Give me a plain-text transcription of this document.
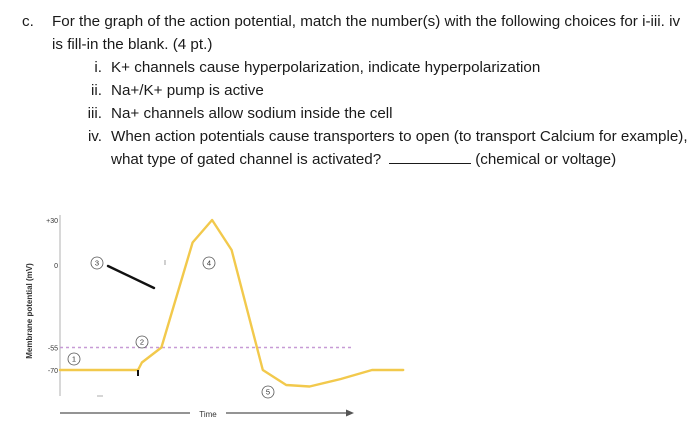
c. For the graph of the action potential, match the number(s) with the following choices for i-iii. iv is fill-in the blank. (4 pt.)
i. K+ channels cause hyperpolarization, indicate hyperpolarization
ii. Na+/K+ pump is active
iii. Na+ channels allow sodium inside the cell
iv. When action potentials cause transporters to open (to transport Calcium for example), what type of gated channel is activated?	(chemical or voltage)
Membrane potential (mV)
Time
+30
0
-55
-70
1
2
3	4
5
